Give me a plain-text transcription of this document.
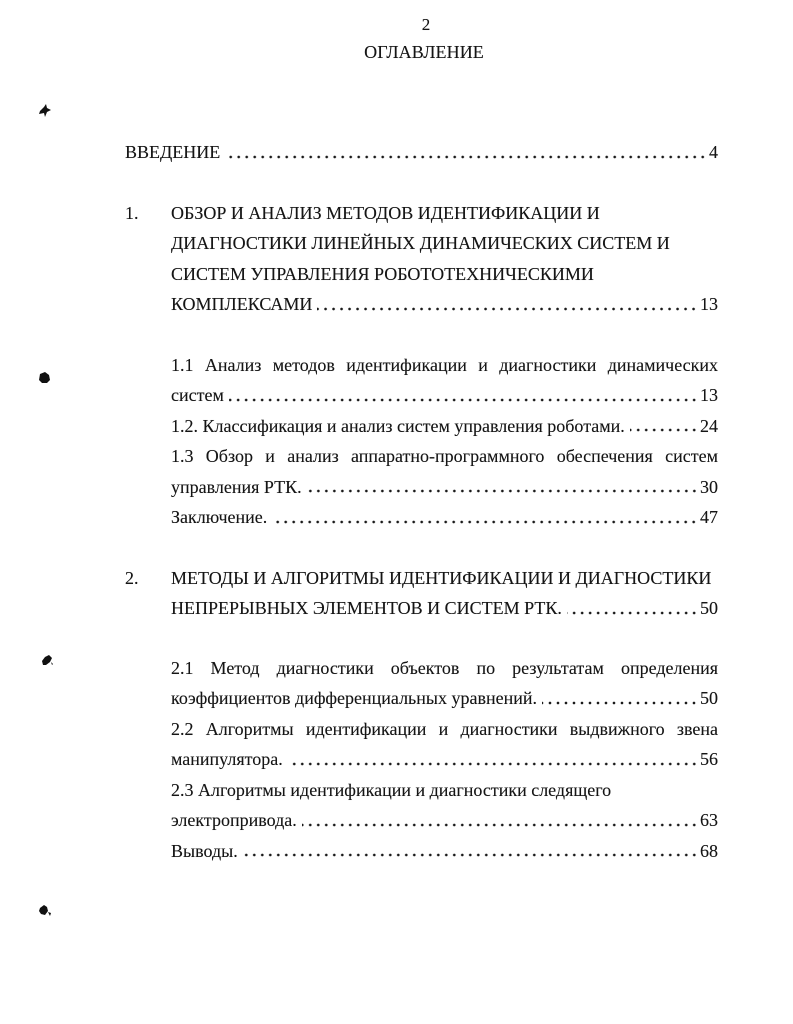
2
ОГЛАВЛЕНИЕ
ВВЕДЕНИЕ	4
1.	ОБЗОР И АНАЛИЗ МЕТОДОВ ИДЕНТИФИКАЦИИ И
ДИАГНОСТИКИ ЛИНЕЙНЫХ ДИНАМИЧЕСКИХ СИСТЕМ И
СИСТЕМ УПРАВЛЕНИЯ РОБОТОТЕХНИЧЕСКИМИ
КОМПЛЕКСАМИ	13
1.1 Анализ методов идентификации и диагностики динамических
систем	13
1.2. Классификация и анализ систем управления роботами.	24
1.3 Обзор и анализ аппаратно-программного обеспечения систем
управления РТК.	30
Заключение.	47
2.	МЕТОДЫ И АЛГОРИТМЫ ИДЕНТИФИКАЦИИ И ДИАГНОСТИКИ
НЕПРЕРЫВНЫХ ЭЛЕМЕНТОВ И СИСТЕМ РТК.	50
2.1 Метод диагностики объектов по результатам определения
коэффициентов дифференциальных уравнений.	50
2.2 Алгоритмы идентификации и диагностики выдвижного звена
манипулятора.	56
2.3 Алгоритмы идентификации и диагностики следящего
электропривода.	63
Выводы.	68
